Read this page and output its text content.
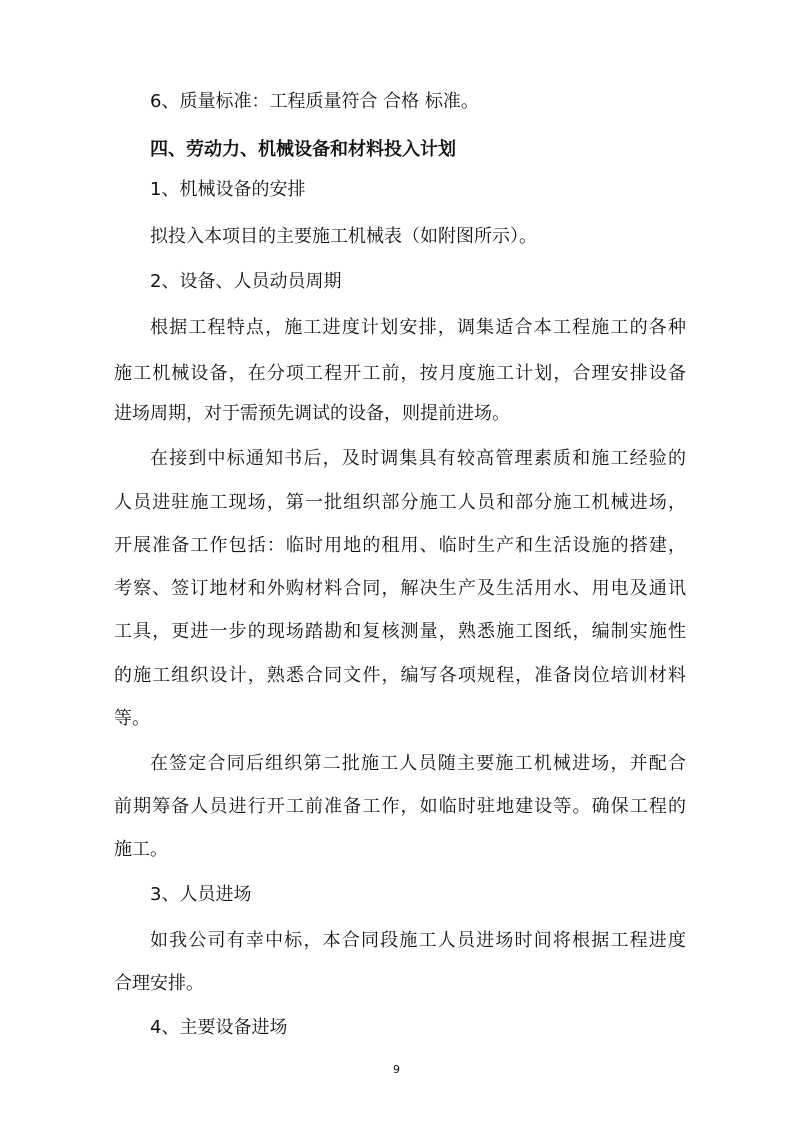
6、质量标准：工程质量符合 合格 标准。
四、劳动力、机械设备和材料投入计划
1、机械设备的安排
拟投入本项目的主要施工机械表（如附图所示）。
2、设备、人员动员周期
根据工程特点，施工进度计划安排，调集适合本工程施工的各种
施工机械设备，在分项工程开工前，按月度施工计划，合理安排设备
进场周期，对于需预先调试的设备，则提前进场。
在接到中标通知书后，及时调集具有较高管理素质和施工经验的
人员进驻施工现场，第一批组织部分施工人员和部分施工机械进场，
开展准备工作包括：临时用地的租用、临时生产和生活设施的搭建，
考察、签订地材和外购材料合同，解决生产及生活用水、用电及通讯
工具，更进一步的现场踏勘和复核测量，熟悉施工图纸，编制实施性
的施工组织设计，熟悉合同文件，编写各项规程，准备岗位培训材料
等。
在签定合同后组织第二批施工人员随主要施工机械进场，并配合
前期筹备人员进行开工前准备工作，如临时驻地建设等。确保工程的
施工。
3、人员进场
如我公司有幸中标，本合同段施工人员进场时间将根据工程进度
合理安排。
4、主要设备进场
9
